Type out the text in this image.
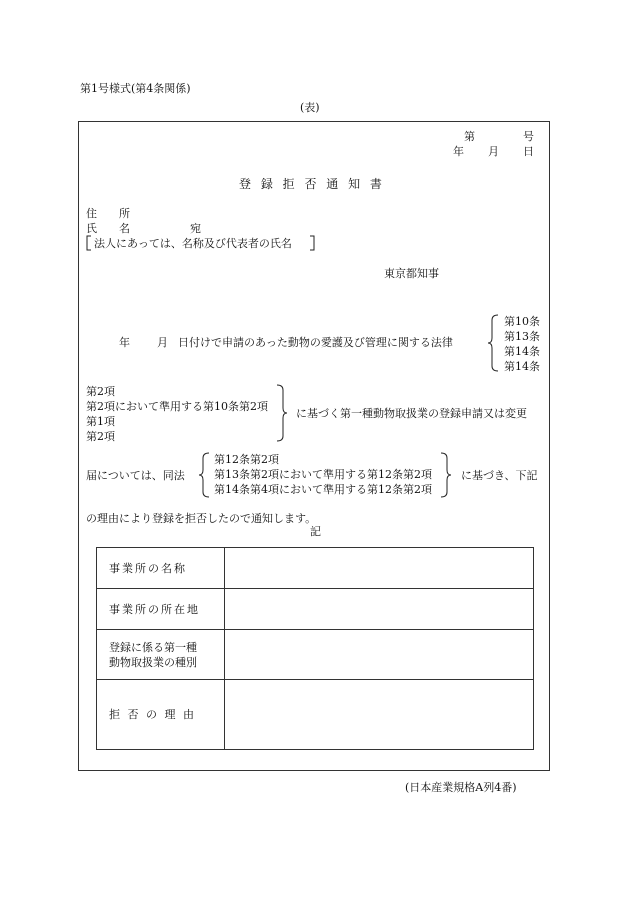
第1号様式(第4条関係)
(表)
第	号
年 月 日
登 録 拒 否 通 知 書
住　　所
氏　　名	宛
法人にあっては、名称及び代表者の氏名
東京都知事
年 月 日付けで申請のあった動物の愛護及び管理に関する法律
第10条
第13条
第14条
第14条
第2項
第2項において準用する第10条第2項
第1項
第2項
に基づく第一種動物取扱業の登録申請又は変更
届については、同法
第12条第2項
第13条第2項において準用する第12条第2項
第14条第4項において準用する第12条第2項
に基づき、下記
の理由により登録を拒否したので通知します。
記
事業所の名称	
事業所の所在地	

登録に係る第一種
動物取扱業の種別	

拒 否 の 理 由	
(日本産業規格A列4番)
